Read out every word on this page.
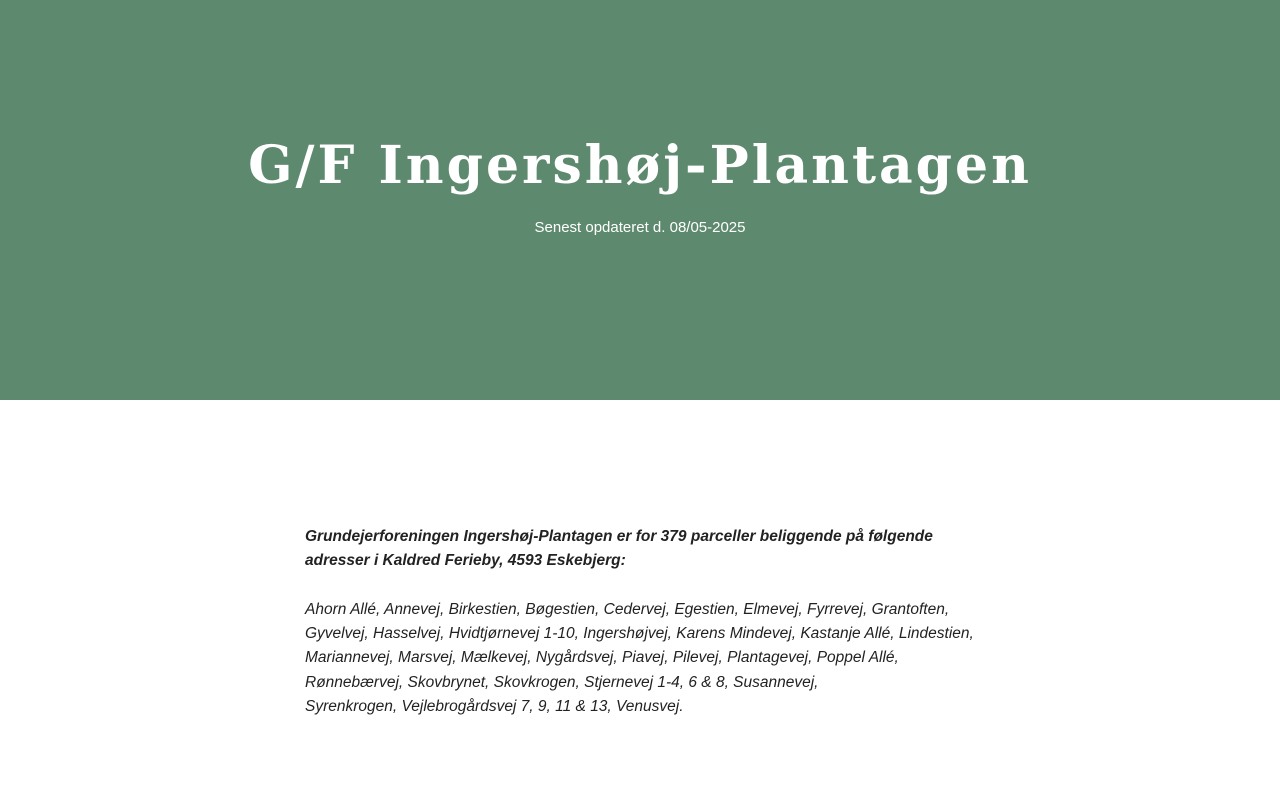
G/F Ingershøj-Plantagen

Senest opdateret d. 08/05-2025

Grundejerforeningen Ingershøj-Plantagen er for 379 parceller beliggende på følgende adresser i Kaldred Ferieby, 4593 Eskebjerg:

Ahorn Allé, Annevej, Birkestien, Bøgestien, Cedervej, Egestien, Elmevej, Fyrrevej, Grantoften,
Gyvelvej, Hasselvej, Hvidtjørnevej 1-10, Ingershøjvej, Karens Mindevej, Kastanje Allé, Lindestien,
Mariannevej, Marsvej, Mælkevej, Nygårdsvej, Piavej, Pilevej, Plantagevej, Poppel Allé,
Rønnebærvej, Skovbrynet, Skovkrogen, Stjernevej 1-4, 6 & 8, Susannevej,
Syrenkrogen, Vejlebrogårdsvej 7, 9, 11 & 13, Venusvej.
